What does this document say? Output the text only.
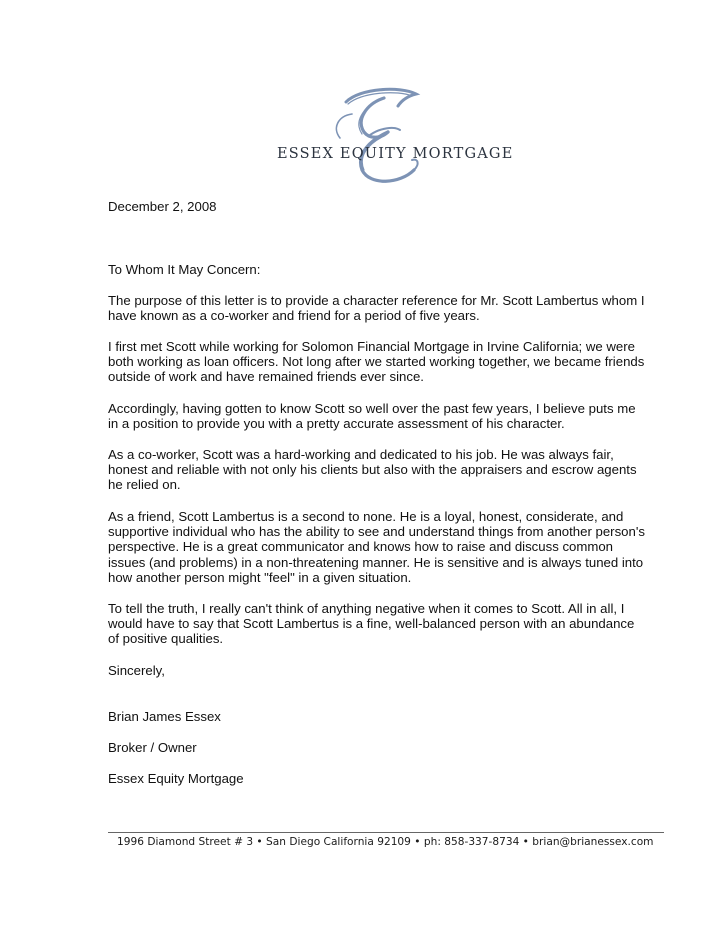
ESSEX EQUITY MORTGAGE

December 2, 2008

To Whom It May Concern:

The purpose of this letter is to provide a character reference for Mr. Scott Lambertus whom I have known as a co-worker and friend for a period of five years.

I first met Scott while working for Solomon Financial Mortgage in Irvine California; we were both working as loan officers. Not long after we started working together, we became friends outside of work and have remained friends ever since.

Accordingly, having gotten to know Scott so well over the past few years, I believe puts me in a position to provide you with a pretty accurate assessment of his character.

As a co-worker, Scott was a hard-working and dedicated to his job. He was always fair, honest and reliable with not only his clients but also with the appraisers and escrow agents he relied on.

As a friend, Scott Lambertus is a second to none. He is a loyal, honest, considerate, and supportive individual who has the ability to see and understand things from another person's perspective. He is a great communicator and knows how to raise and discuss common issues (and problems) in a non-threatening manner. He is sensitive and is always tuned into how another person might "feel" in a given situation.

To tell the truth, I really can't think of anything negative when it comes to Scott. All in all, I would have to say that Scott Lambertus is a fine, well-balanced person with an abundance of positive qualities.

Sincerely,

Brian James Essex

Broker / Owner

Essex Equity Mortgage

1996 Diamond Street # 3 • San Diego California 92109 • ph: 858-337-8734 • brian@brianessex.com
